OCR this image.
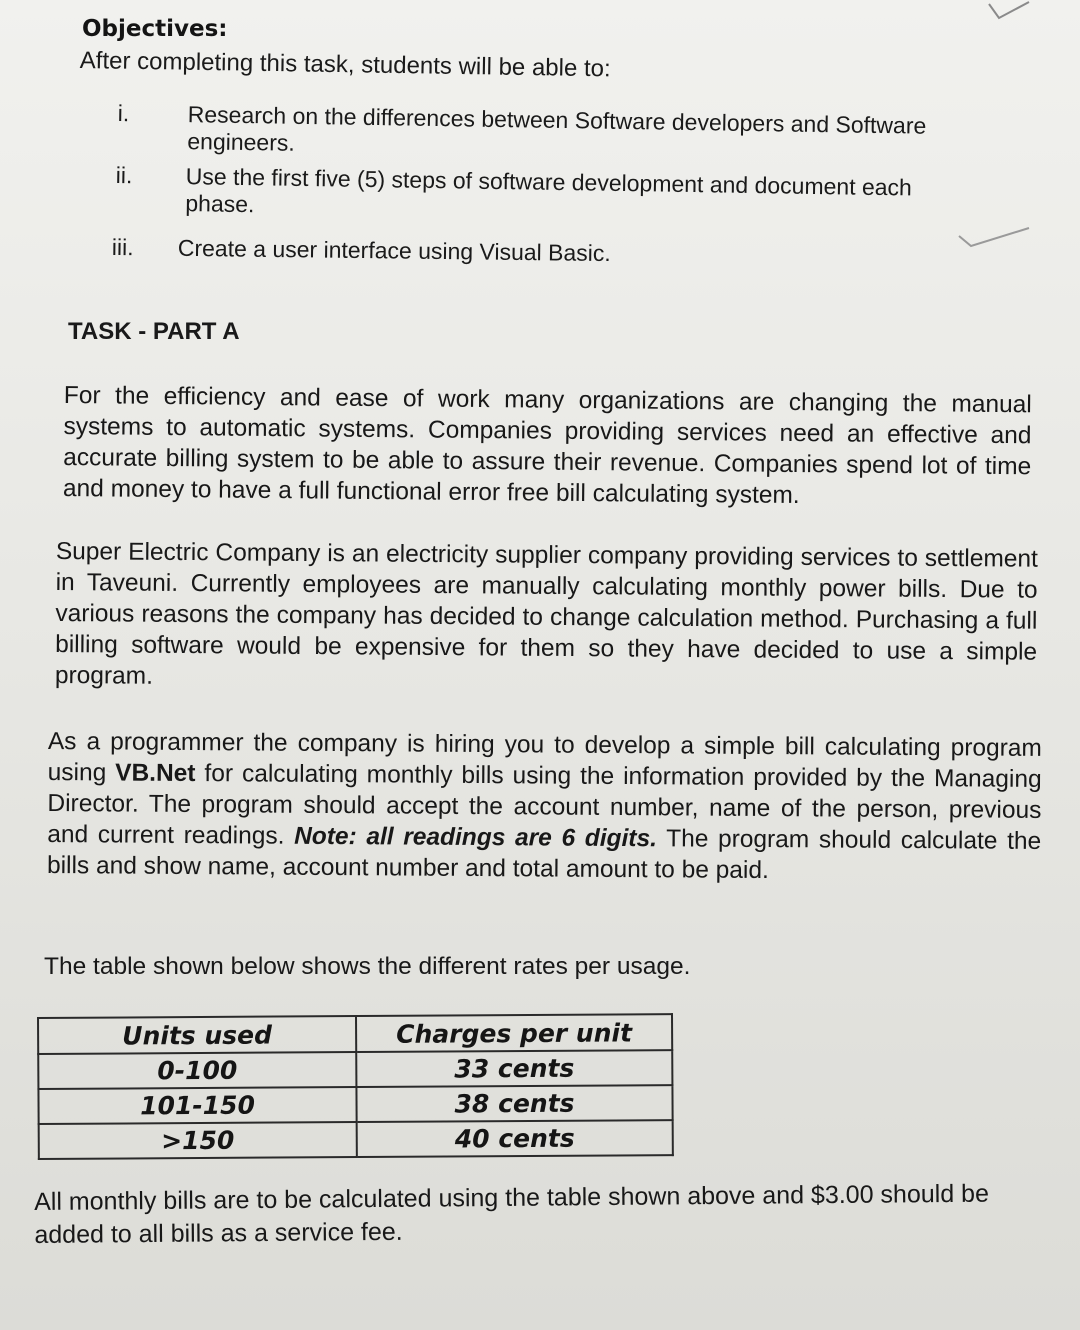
Objectives:
After completing this task, students will be able to:
i.	Research on the differences between Software developers and Software engineers.
ii.	Use the first five (5) steps of software development and document each phase.
iii.	Create a user interface using Visual Basic.
TASK - PART A
For the efficiency and ease of work many organizations are changing the manual systems to automatic systems. Companies providing services need an effective and accurate billing system to be able to assure their revenue. Companies spend lot of time and money to have a full functional error free bill calculating system.
Super Electric Company is an electricity supplier company providing services to settlement in Taveuni. Currently employees are manually calculating monthly power bills. Due to various reasons the company has decided to change calculation method. Purchasing a full billing software would be expensive for them so they have decided to use a simple program.
As a programmer the company is hiring you to develop a simple bill calculating program using VB.Net for calculating monthly bills using the information provided by the Managing Director. The program should accept the account number, name of the person, previous and current readings. Note: all readings are 6 digits. The program should calculate the bills and show name, account number and total amount to be paid.
The table shown below shows the different rates per usage.
Units used	Charges per unit
0-100	33 cents
101-150	38 cents
>150	40 cents
All monthly bills are to be calculated using the table shown above and $3.00 should be added to all bills as a service fee.
